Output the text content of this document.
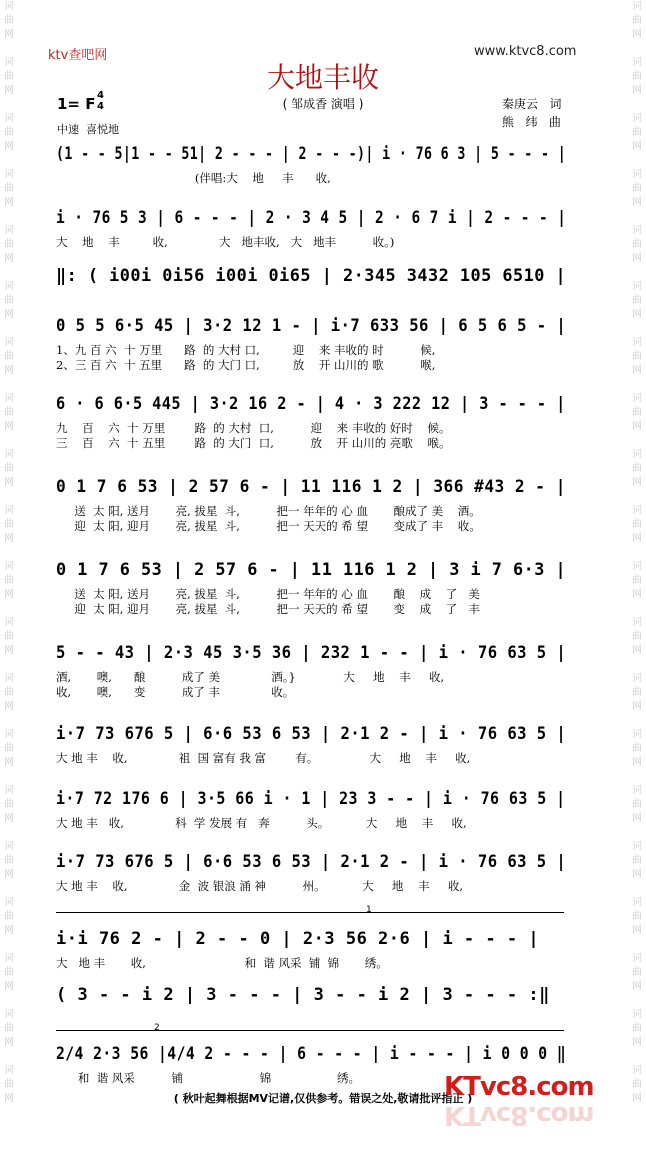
词
曲
网

词
曲
网

词
曲
网

词
曲
网

词
曲
网

词
曲
网

词
曲
网

词
曲
网

词
曲
网

词
曲
网

词
曲
网

词
曲
网

词
曲
网

词
曲
网

词
曲
网

词
曲
网

词
曲
网

词
曲
网

词
曲
网

词
曲
网
词
曲
网

词
曲
网

词
曲
网

词
曲
网

词
曲
网

词
曲
网

词
曲
网

词
曲
网

词
曲
网

词
曲
网

词
曲
网

词
曲
网

词
曲
网

词
曲
网

词
曲
网

词
曲
网

词
曲
网

词
曲
网

词
曲
网

词
曲
网
ktv查吧网	www.ktvc8.com
大地丰收
1= F 4
4
中速  喜悦地
( 邹成香 演唱 )	秦庚云   词
熊   纬   曲
(1 - - 5|1 - - 51| 2 - - - | 2 - - -)| i · 76 6 3 | 5 - - - |
(伴唱:大    地     丰      收,
i · 76 5 3 | 6 - - - | 2 · 3 4 5 | 2 · 6 7 i | 2 - - - |
大    地    丰         收,              大   地丰收,   大   地丰          收。)
‖: ( i00i 0i56 i00i 0i65 | 2·345 3432 105 6510 |
0 5 5 6·5 45 | 3·2 12 1 - | i·7 633 56 | 6 5 6 5 - |
1、九 百 六  十 万里      路  的 大村 口,         迎    来 丰收的 时          候,
2、三 百 六  十 五里      路  的 大门 口,         放    开 山川的 歌          喉,
6 · 6 6·5 445 | 3·2 16 2 - | 4 · 3 222 12 | 3 - - - |
九    百    六  十 万里        路  的 大村  口,          迎    来 丰收的 好时    候。
三    百    六  十 五里        路  的 大门  口,          放    开 山川的 亮歌    喉。
0 1 7 6 53 | 2 57 6 - | 11 116 1 2 | 366 #43 2 - |
送  太 阳, 送月       亮, 拔星  斗,          把一 年年的 心 血       酿成了 美    酒。
迎  太 阳, 迎月       亮, 拔星  斗,          把一 天天的 希 望       变成了 丰    收。
0 1 7 6 53 | 2 57 6 - | 11 116 1 2 | 3 i 7 6·3 |
送  太 阳, 送月       亮, 拔星  斗,          把一 年年的 心 血       酿    成    了   美
迎  太 阳, 迎月       亮, 拔星  斗,          把一 天天的 希 望       变    成    了   丰
5 - - 43 | 2·3 45 3·5 36 | 232 1 - - | i · 76 63 5 |
酒,       噢,      酿          成了 美              酒。}             大     地    丰     收,
收,       噢,      变          成了 丰              收。
i·7 73 676 5 | 6·6 53 6 53 | 2·1 2 - | i · 76 63 5 |
大 地 丰    收,              祖  国 富有 我 富        有。              大     地    丰     收,
i·7 72 176 6 | 3·5 66 i · 1 | 23 3 - - | i · 76 63 5 |
大 地 丰   收,              科  学 发展 有   奔          头。          大     地    丰     收,
i·7 73 676 5 | 6·6 53 6 53 | 2·1 2 - | i · 76 63 5 |
大 地 丰    收,              金  波 银浪 涌 神          州。          大     地    丰     收,
i·i 76 2 - | 2 - - 0 | 2·3 56 2·6 | i - - - |
大   地 丰       收,                           和  谐 风采  铺  锦       绣。
( 3 - - i 2 | 3 - - - | 3 - - i 2 | 3 - - - :‖
2/4 2·3 56 |4/4 2 - - - | 6 - - - | i - - - | i 0 0 0 ‖
和  谐 风采          铺                     锦                  绣。
1
2
( 秋叶起舞根据MV记谱,仅供参考。错误之处,敬请批评指正 )
KTvc8.com
KTvc8.com
